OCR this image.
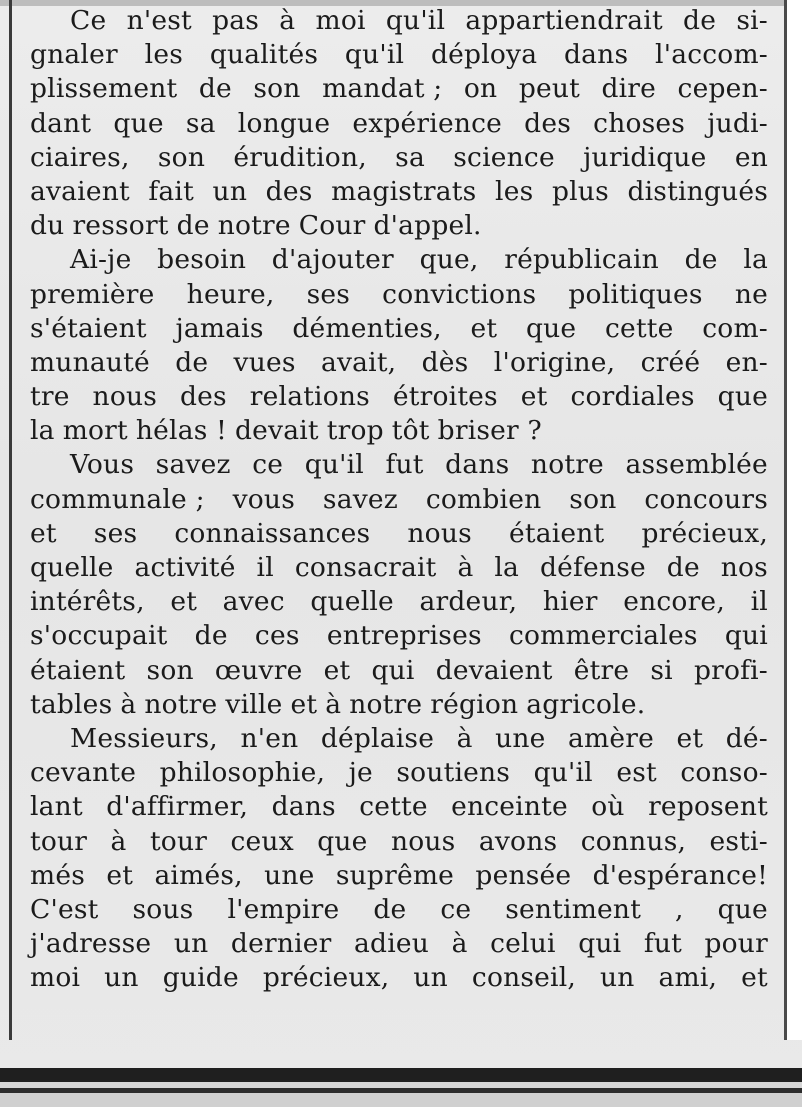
Ce n'est pas à moi qu'il appartiendrait de si-
gnaler les qualités qu'il déploya dans l'accom-
plissement de son mandat ; on peut dire cepen-
dant que sa longue expérience des choses judi-
ciaires, son érudition, sa science juridique en
avaient fait un des magistrats les plus distingués
du ressort de notre Cour d'appel.
Ai-je besoin d'ajouter que, républicain de la
première heure, ses convictions politiques ne
s'étaient jamais démenties, et que cette com-
munauté de vues avait, dès l'origine, créé en-
tre nous des relations étroites et cordiales que
la mort hélas ! devait trop tôt briser ?
Vous savez ce qu'il fut dans notre assemblée
communale ; vous savez combien son concours
et ses connaissances nous étaient précieux,
quelle activité il consacrait à la défense de nos
intérêts, et avec quelle ardeur, hier encore, il
s'occupait de ces entreprises commerciales qui
étaient son œuvre et qui devaient être si profi-
tables à notre ville et à notre région agricole.
Messieurs, n'en déplaise à une amère et dé-
cevante philosophie, je soutiens qu'il est conso-
lant d'affirmer, dans cette enceinte où reposent
tour à tour ceux que nous avons connus, esti-
més et aimés, une suprême pensée d'espérance!
C'est sous l'empire de ce sentiment , que
j'adresse un dernier adieu à celui qui fut pour
moi un guide précieux, un conseil, un ami, et
